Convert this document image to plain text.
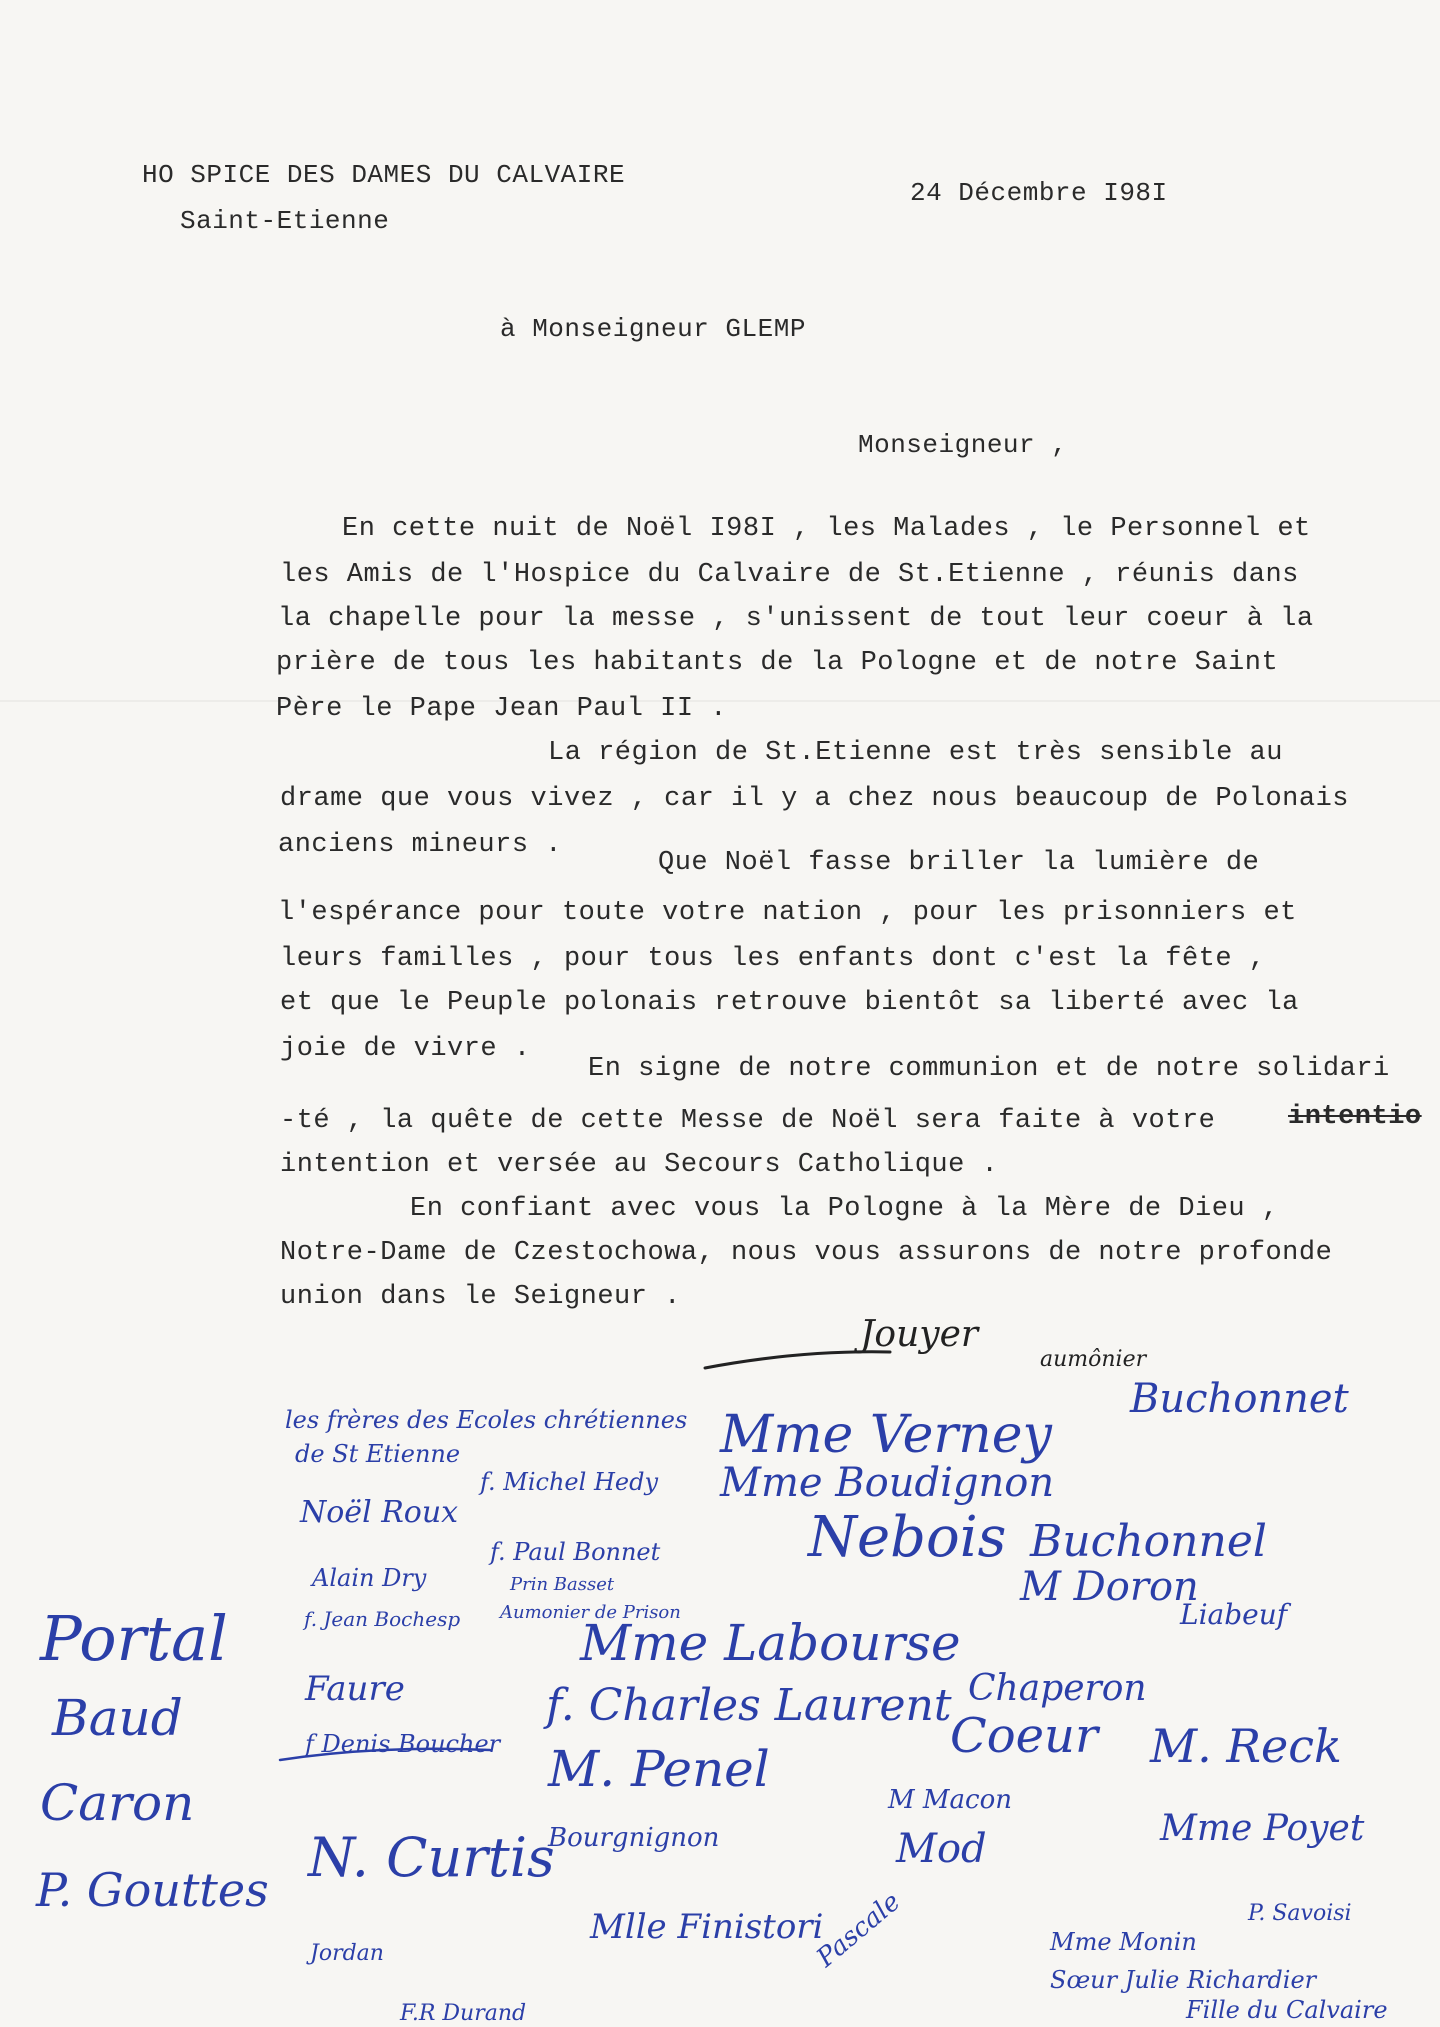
HO SPICE DES DAMES DU CALVAIRE
Saint-Etienne
24 Décembre I98I
à Monseigneur GLEMP
Monseigneur ,
En cette nuit de Noël I98I , les Malades , le Personnel et
les Amis de l'Hospice du Calvaire de St.Etienne , réunis dans
la chapelle pour la messe , s'unissent de tout leur coeur à la
prière de tous les habitants de la Pologne et de notre Saint
Père le Pape Jean Paul II .
La région de St.Etienne est très sensible au
drame que vous vivez , car il y a chez nous beaucoup de Polonais
anciens mineurs .
Que Noël fasse briller la lumière de
l'espérance pour toute votre nation , pour les prisonniers et
leurs familles , pour tous les enfants dont c'est la fête ,
et que le Peuple polonais retrouve bientôt sa liberté avec la
joie de vivre .
En signe de notre communion et de notre solidari
-té , la quête de cette Messe de Noël sera faite à votre	intentio
intention et versée au Secours Catholique .
En confiant avec vous la Pologne à la Mère de Dieu ,
Notre-Dame de Czestochowa, nous vous assurons de notre profonde
union dans le Seigneur .
Jouyer
aumônier
les frères des Ecoles chrétiennes
de St Etienne	Mme Verney
Buchonnet
Mme Boudignon
Noël Roux
f. Michel Hedy
f. Paul Bonnet
Prin Basset
Aumonier de Prison
Alain Dry
f. Jean Bochesp
Nebois Buchonnel
M Doron
Mme Labourse	Liabeuf
Portal
Baud	Faure	Chaperon
f. Charles Laurent
f Denis Boucher	Coeur M. Reck
M. Penel
Caron
P. Gouttes
M Macon
N. Curtis
Bourgnignon	Mod	Mme Poyet
Pascale	Mme Monin
P. Savoisi
Sœur Julie Richardier
Fille du Calvaire
Mlle Finistori
Jordan
F.R Durand
